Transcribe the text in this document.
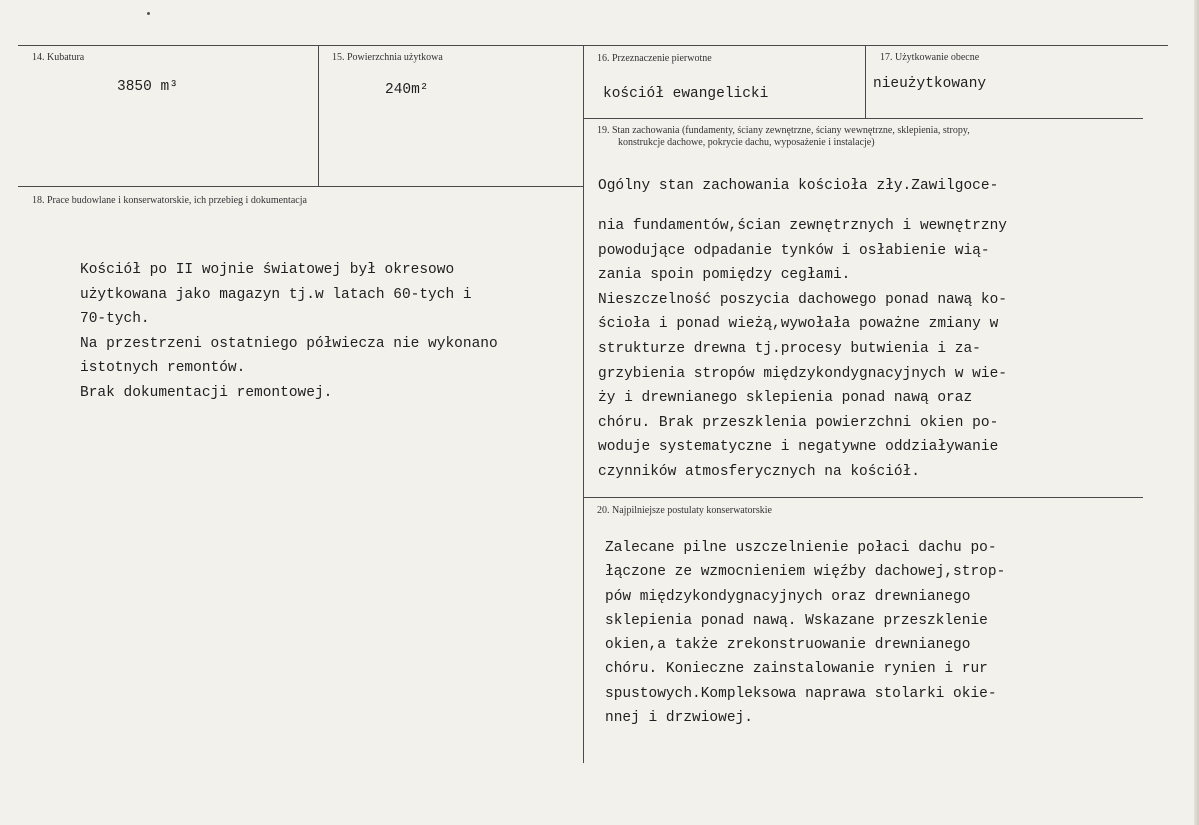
14. Kubatura
3850 m³
15. Powierzchnia użytkowa
240m²
16. Przeznaczenie pierwotne
kościół ewangelicki
17. Użytkowanie obecne
nieużytkowany
18. Prace budowlane i konserwatorskie, ich przebieg i dokumentacja
Kościół po II wojnie światowej był okresowo
użytkowana jako magazyn tj.w latach 60-tych i
70-tych.
Na przestrzeni ostatniego półwiecza nie wykonano
istotnych remontów.
Brak dokumentacji remontowej.
19. Stan zachowania (fundamenty, ściany zewnętrzne, ściany wewnętrzne, sklepienia, stropy,
konstrukcje dachowe, pokrycie dachu, wyposażenie i instalacje)
Ogólny stan zachowania kościoła zły.Zawilgoce-
nia fundamentów,ścian zewnętrznych i wewnętrzny
powodujące odpadanie tynków i osłabienie wią-
zania spoin pomiędzy cegłami.
Nieszczelność poszycia dachowego ponad nawą ko-
ścioła i ponad wieżą,wywołała poważne zmiany w
strukturze drewna tj.procesy butwienia i za-
grzybienia stropów międzykondygnacyjnych w wie-
ży i drewnianego sklepienia ponad nawą oraz
chóru. Brak przeszklenia powierzchni okien po-
woduje systematyczne i negatywne oddziaływanie
czynników atmosferycznych na kościół.
20. Najpilniejsze postulaty konserwatorskie
Zalecane pilne uszczelnienie połaci dachu po-
łączone ze wzmocnieniem więźby dachowej,strop-
pów międzykondygnacyjnych oraz drewnianego
sklepienia ponad nawą. Wskazane przeszklenie
okien,a także zrekonstruowanie drewnianego
chóru. Konieczne zainstalowanie rynien i rur
spustowych.Kompleksowa naprawa stolarki okie-
nnej i drzwiowej.
